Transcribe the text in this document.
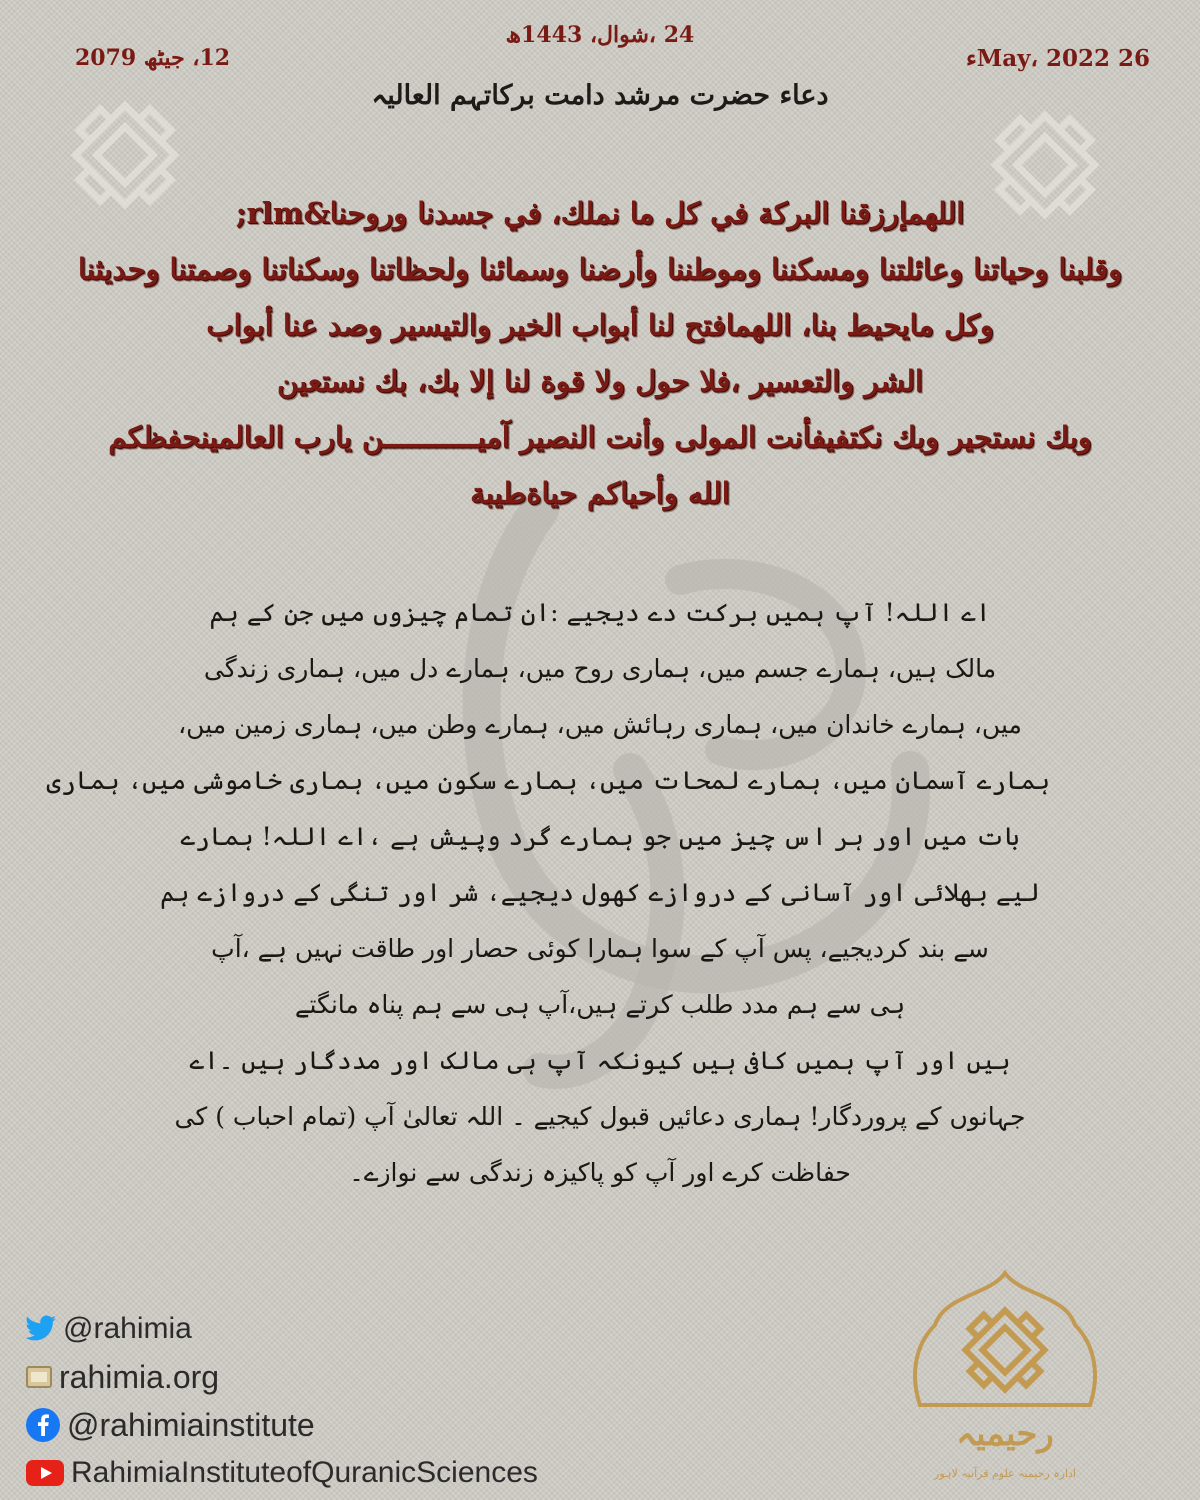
24 ،شوال، 1443ھ
12، جیٹھ 2079	26 May، 2022ء
دعاء حضرت مرشد دامت برکاتہم العالیہ
اللهمإرزقنا البركة في كل ما نملك، في جسدنا وروحنا&rlm;
وقلبنا وحياتنا وعائلتنا ومسكننا وموطننا وأرضنا وسمائنا ولحظاتنا وسكناتنا وصمتنا وحديثنا
وكل مايحيط بنا، اللهمافتح لنا أبواب الخير والتيسير وصد عنا أبواب
الشر والتعسير ،فلا حول ولا قوة لنا إلا بك، بك نستعين
وبك نستجير وبك نكتفيفأنت المولى وأنت النصير آميـــــــــــن يارب العالمينحفظكم
الله وأحياكم حياةطيبة
اے اللہ! آپ ہمیں برکت دے دیجیے :ان تمام چیزوں میں جن کے ہم
مالک ہیں، ہمارے جسم میں، ہماری روح میں، ہمارے دل میں، ہماری زندگی
میں، ہمارے خاندان میں، ہماری رہائش میں، ہمارے وطن میں، ہماری زمین میں،
ہمارے آسمان میں، ہمارے لمحات میں، ہمارے سکون میں، ہماری خاموشی میں، ہماری
بات میں اور ہر اس چیز میں جو ہمارے گرد وپیش ہے ،اے اللہ! ہمارے
لیے بھلائی اور آسانی کے دروازے کھول دیجیے، شر اور تنگی کے دروازے ہم
سے بند کردیجیے، پس آپ کے سوا ہمارا کوئی حصار اور طاقت نہیں ہے ،آپ
ہی سے ہم مدد طلب کرتے ہیں،آپ ہی سے ہم پناہ مانگتے
ہیں اور آپ ہمیں کافی ہیں کیونکہ آپ ہی مالک اور مددگار ہیں ۔اے
جہانوں کے پروردگار! ہماری دعائیں قبول کیجیے ۔ اللہ تعالیٰ آپ (تمام احباب ) کی
حفاظت کرے اور آپ کو پاکیزہ زندگی سے نوازے۔
@rahimia
rahimia.org
@rahimiainstitute
RahimiaInstituteofQuranicSciences
رحیمیہ
ادارہ رحیمیہ علوم قرآنیہ لاہور
